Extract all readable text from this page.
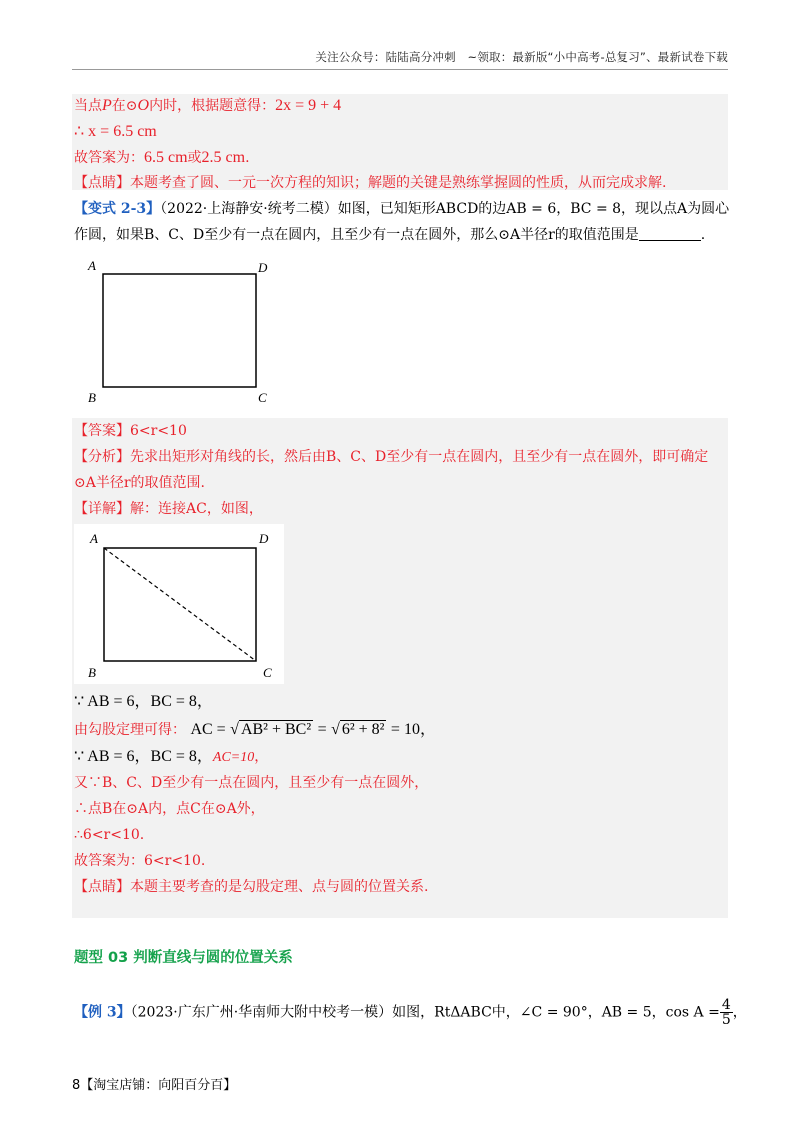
关注公众号：陆陆高分冲刺　~领取：最新版“小中高考-总复习”、最新试卷下载
当点P在⊙O内时，根据题意得：2x = 9 + 4
∴ x = 6.5 cm
故答案为：6.5 cm或2.5 cm.
【点睛】本题考查了圆、一元一次方程的知识；解题的关键是熟练掌握圆的性质，从而完成求解.
【变式 2-3】（2022·上海静安·统考二模）如图，已知矩形ABCD的边AB = 6，BC = 8，现以点A为圆心
作圆，如果B、C、D至少有一点在圆内，且至少有一点在圆外，那么⊙A半径r的取值范围是	.
A	D
B	C
【答案】6<r<10
【分析】先求出矩形对角线的长，然后由B、C、D至少有一点在圆内，且至少有一点在圆外，即可确定
⊙A半径r的取值范围.
【详解】解：连接AC，如图，
A	D
B	C
∵ AB = 6，BC = 8，
由勾股定理可得： AC = √ AB² + BC² = √ 6² + 8² = 10，
∵ AB = 6，BC = 8，AC=10，
又∵B、C、D至少有一点在圆内，且至少有一点在圆外，
∴点B在⊙A内，点C在⊙A外，
∴6<r<10.
故答案为：6<r<10.
【点睛】本题主要考查的是勾股定理、点与圆的位置关系.
题型 03 判断直线与圆的位置关系
【例 3】（2023·广东广州·华南师大附中校考一模）如图，RtΔABC中，∠C = 90°，AB = 5，$\cos A = \frac{4}{5}$ ，
8【淘宝店铺：向阳百分百】
